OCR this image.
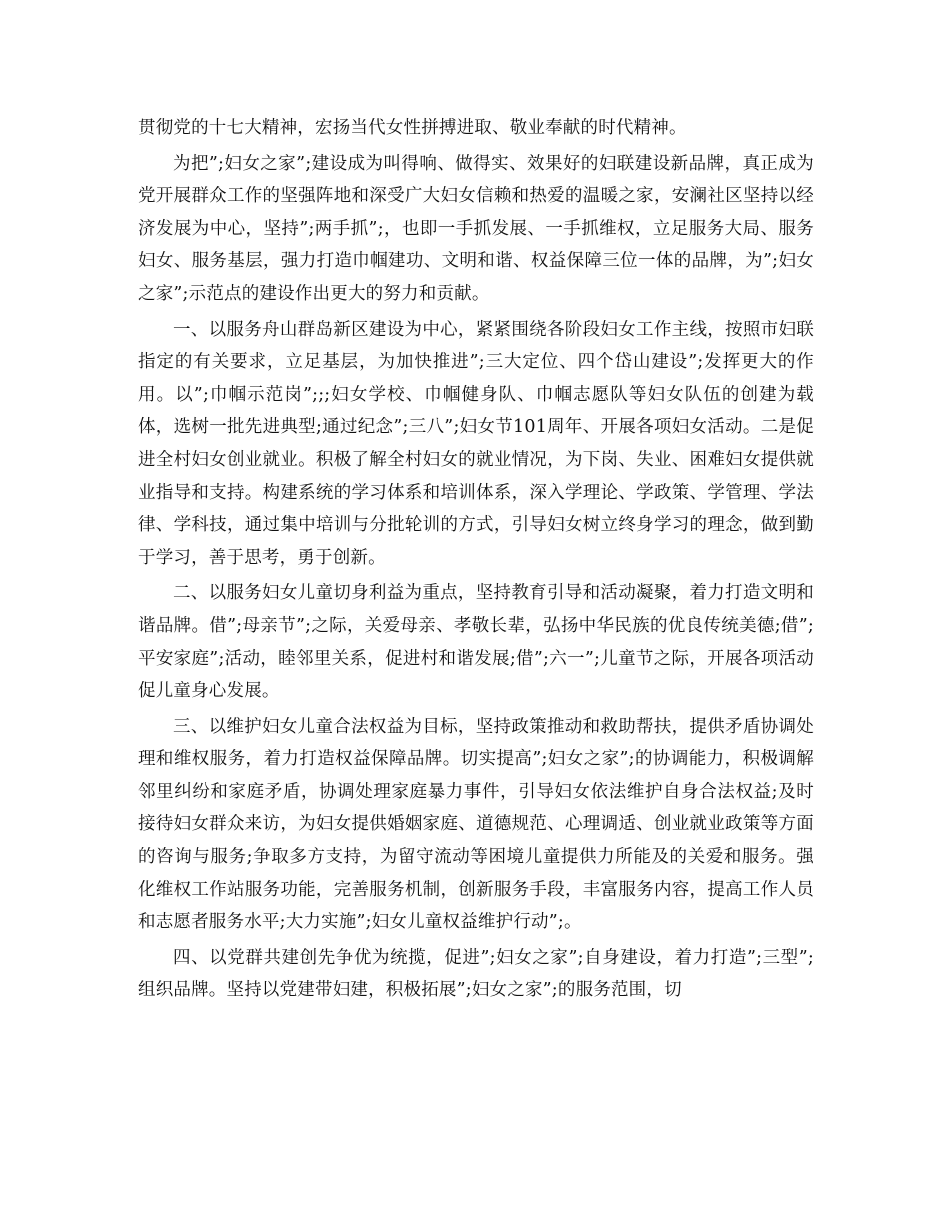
贯彻党的十七大精神，宏扬当代女性拼搏进取、敬业奉献的时代精神。

为把”;妇女之家”;建设成为叫得响、做得实、效果好的妇联建设新品牌，真正成为党开展群众工作的坚强阵地和深受广大妇女信赖和热爱的温暖之家，安澜社区坚持以经济发展为中心，坚持”;两手抓”;，也即一手抓发展、一手抓维权，立足服务大局、服务妇女、服务基层，强力打造巾帼建功、文明和谐、权益保障三位一体的品牌，为”;妇女之家”;示范点的建设作出更大的努力和贡献。

一、以服务舟山群岛新区建设为中心，紧紧围绕各阶段妇女工作主线，按照市妇联指定的有关要求，立足基层，为加快推进”;三大定位、四个岱山建设”;发挥更大的作用。以”;巾帼示范岗”;;;妇女学校、巾帼健身队、巾帼志愿队等妇女队伍的创建为载体，选树一批先进典型;通过纪念”;三八”;妇女节101周年、开展各项妇女活动。二是促进全村妇女创业就业。积极了解全村妇女的就业情况，为下岗、失业、困难妇女提供就业指导和支持。构建系统的学习体系和培训体系，深入学理论、学政策、学管理、学法律、学科技，通过集中培训与分批轮训的方式，引导妇女树立终身学习的理念，做到勤于学习，善于思考，勇于创新。

二、以服务妇女儿童切身利益为重点，坚持教育引导和活动凝聚，着力打造文明和谐品牌。借”;母亲节”;之际，关爱母亲、孝敬长辈，弘扬中华民族的优良传统美德;借”;平安家庭”;活动，睦邻里关系，促进村和谐发展;借”;六一”;儿童节之际，开展各项活动促儿童身心发展。

三、以维护妇女儿童合法权益为目标，坚持政策推动和救助帮扶，提供矛盾协调处理和维权服务，着力打造权益保障品牌。切实提高”;妇女之家”;的协调能力，积极调解邻里纠纷和家庭矛盾，协调处理家庭暴力事件，引导妇女依法维护自身合法权益;及时接待妇女群众来访，为妇女提供婚姻家庭、道德规范、心理调适、创业就业政策等方面的咨询与服务;争取多方支持，为留守流动等困境儿童提供力所能及的关爱和服务。强化维权工作站服务功能，完善服务机制，创新服务手段，丰富服务内容，提高工作人员和志愿者服务水平;大力实施”;妇女儿童权益维护行动”;。

四、以党群共建创先争优为统揽，促进”;妇女之家”;自身建设，着力打造”;三型”;组织品牌。坚持以党建带妇建，积极拓展”;妇女之家”;的服务范围，切
